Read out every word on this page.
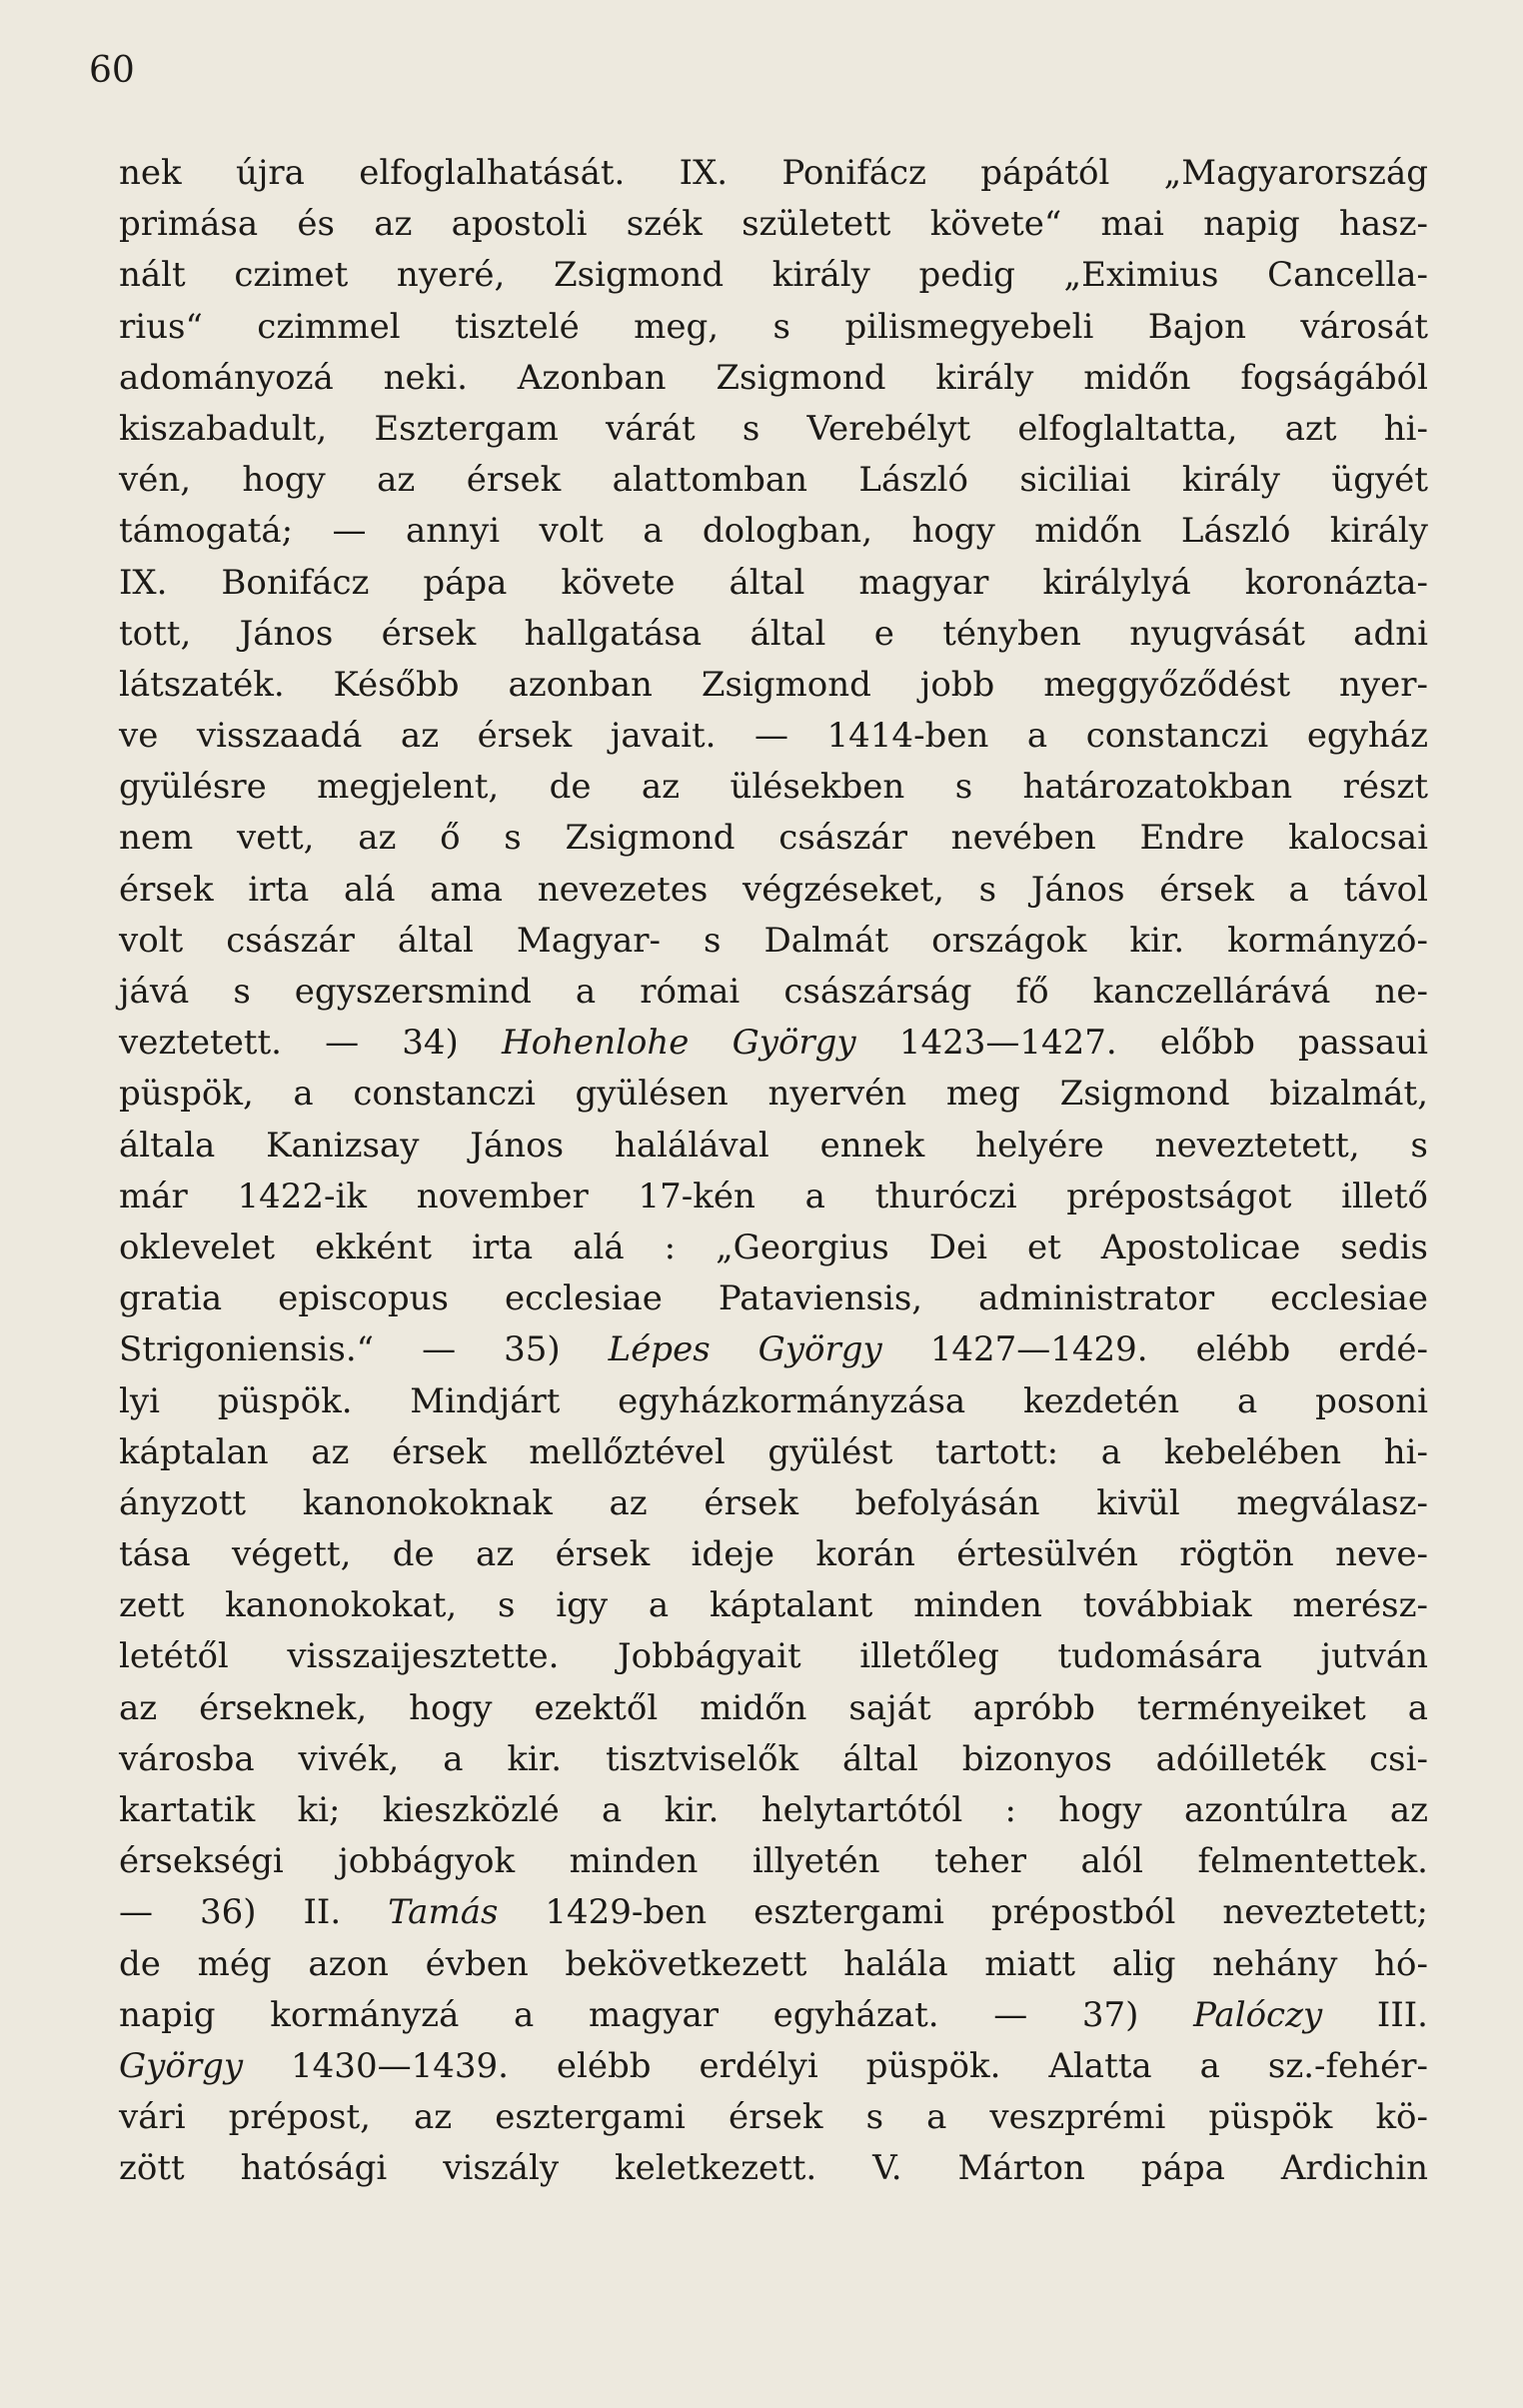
60
nek újra elfoglalhatását. IX. Ponifácz pápától „Magyarország
primása és az apostoli szék született követe“ mai napig hasz-
nált czimet nyeré, Zsigmond király pedig „Eximius Cancella-
rius“ czimmel tisztelé meg, s pilismegyebeli Bajon városát
adományozá neki. Azonban Zsigmond király midőn fogságából
kiszabadult, Esztergam várát s Verebélyt elfoglaltatta, azt hi-
vén, hogy az érsek alattomban László siciliai király ügyét
támogatá; — annyi volt a dologban, hogy midőn László király
IX. Bonifácz pápa követe által magyar királylyá koronázta-
tott, János érsek hallgatása által e tényben nyugvását adni
látszaték. Később azonban Zsigmond jobb meggyőződést nyer-
ve visszaadá az érsek javait. — 1414-ben a constanczi egyház
gyülésre megjelent, de az ülésekben s határozatokban részt
nem vett, az ő s Zsigmond császár nevében Endre kalocsai
érsek irta alá ama nevezetes végzéseket, s János érsek a távol
volt császár által Magyar- s Dalmát országok kir. kormányzó-
jává s egyszersmind a római császárság fő kanczellárává ne-
veztetett. — 34) Hohenlohe György 1423—1427. előbb passaui
püspök, a constanczi gyülésen nyervén meg Zsigmond bizalmát,
általa Kanizsay János halálával ennek helyére neveztetett, s
már 1422-ik november 17-kén a thuróczi prépostságot illető
oklevelet ekként irta alá : „Georgius Dei et Apostolicae sedis
gratia episcopus ecclesiae Pataviensis, administrator ecclesiae
Strigoniensis.“ — 35) Lépes György 1427—1429. elébb erdé-
lyi püspök. Mindjárt egyházkormányzása kezdetén a posoni
káptalan az érsek mellőztével gyülést tartott: a kebelében hi-
ányzott kanonokoknak az érsek befolyásán kivül megválasz-
tása végett, de az érsek ideje korán értesülvén rögtön neve-
zett kanonokokat, s igy a káptalant minden továbbiak merész-
letétől visszaijesztette. Jobbágyait illetőleg tudomására jutván
az érseknek, hogy ezektől midőn saját apróbb terményeiket a
városba vivék, a kir. tisztviselők által bizonyos adóilleték csi-
kartatik ki; kieszközlé a kir. helytartótól : hogy azontúlra az
érsekségi jobbágyok minden illyetén teher alól felmentettek.
— 36) II. Tamás 1429-ben esztergami prépostból neveztetett;
de még azon évben bekövetkezett halála miatt alig nehány hó-
napig kormányzá a magyar egyházat. — 37) Palóczy III.
György 1430—1439. elébb erdélyi püspök. Alatta a sz.-fehér-
vári prépost, az esztergami érsek s a veszprémi püspök kö-
zött hatósági viszály keletkezett. V. Márton pápa Ardichin
